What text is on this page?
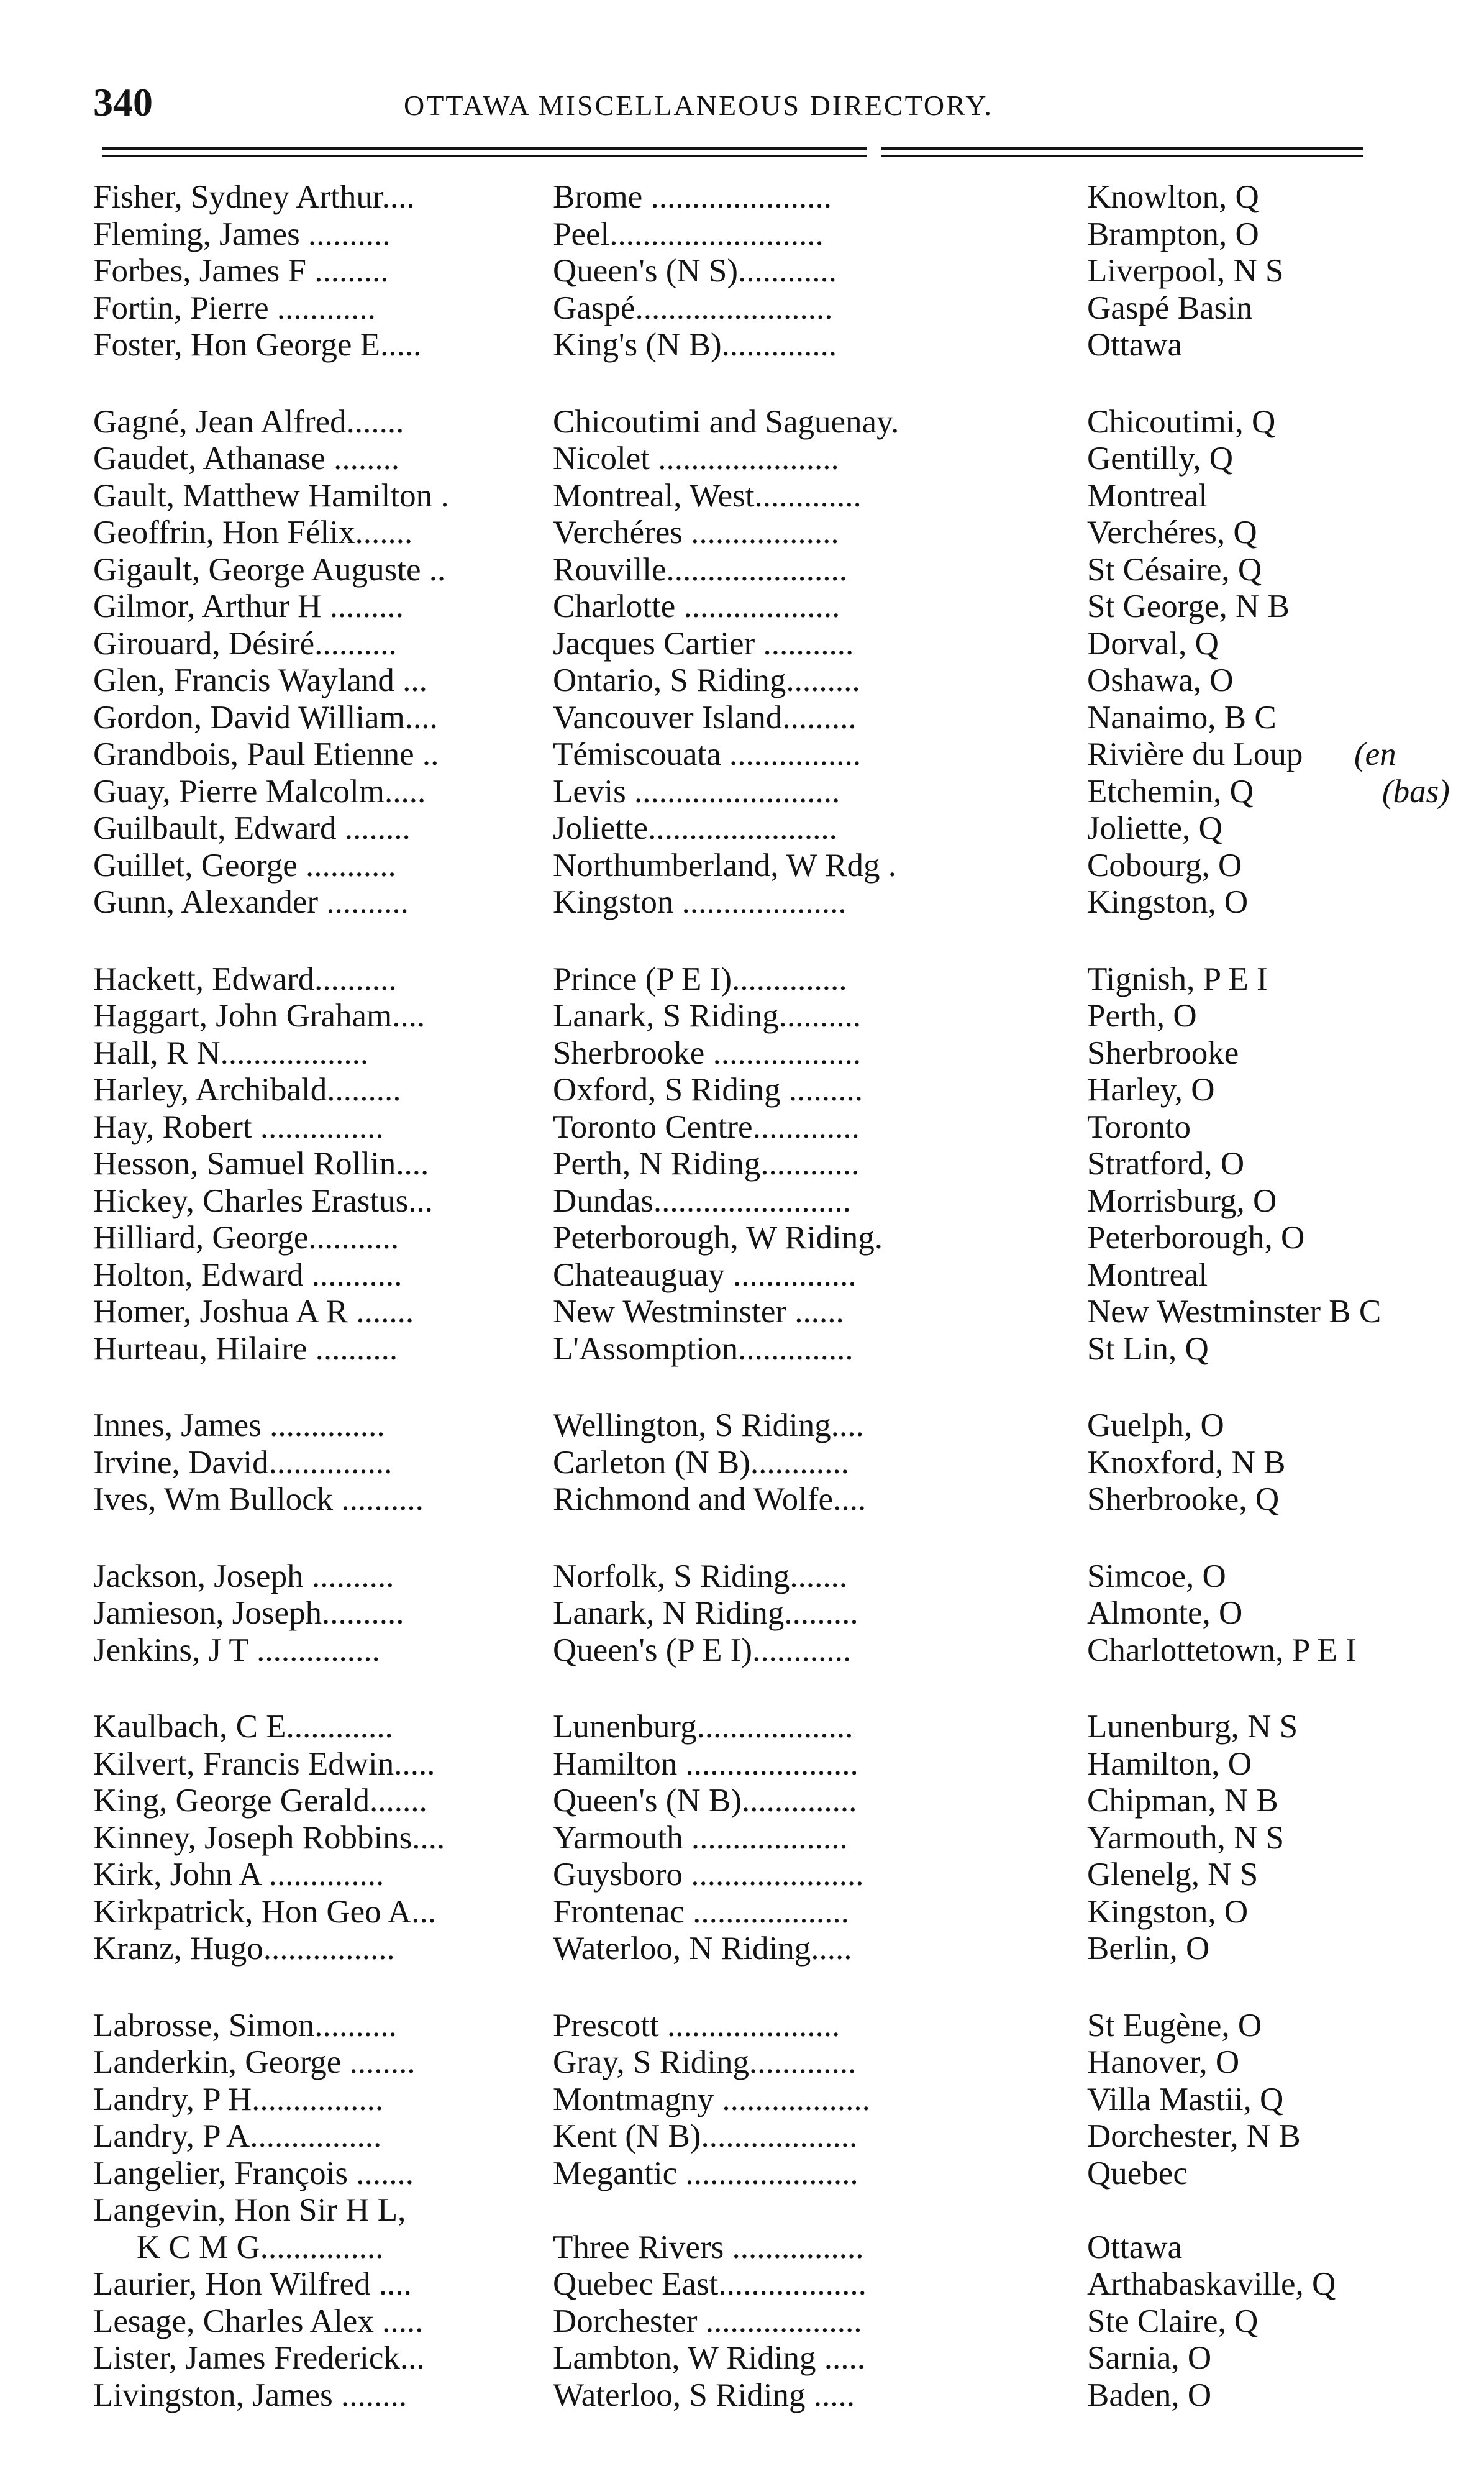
340	OTTAWA MISCELLANEOUS DIRECTORY.
Fisher, Sydney Arthur....	Brome ......................	Knowlton, Q
Fleming, James ..........	Peel..........................	Brampton, O
Forbes, James F .........	Queen's (N S)............	Liverpool, N S
Fortin, Pierre ............	Gaspé........................	Gaspé Basin
Foster, Hon George E.....	King's (N B)..............	Ottawa
Gagné, Jean Alfred.......	Chicoutimi and Saguenay.	Chicoutimi, Q
Gaudet, Athanase ........	Nicolet ......................	Gentilly, Q
Gault, Matthew Hamilton .	Montreal, West.............	Montreal
Geoffrin, Hon Félix.......	Verchéres ..................	Verchéres, Q
Gigault, George Auguste ..	Rouville......................	St Césaire, Q
Gilmor, Arthur H .........	Charlotte ...................	St George, N B
Girouard, Désiré..........	Jacques Cartier ...........	Dorval, Q
Glen, Francis Wayland ...	Ontario, S Riding.........	Oshawa, O
Gordon, David William....	Vancouver Island.........	Nanaimo, B C
Grandbois, Paul Etienne ..	Témiscouata ................	Rivière du Loup	(en
Guay, Pierre Malcolm.....	Levis .........................	Etchemin, Q	(bas)
Guilbault, Edward ........	Joliette.......................	Joliette, Q
Guillet, George ...........	Northumberland, W Rdg .	Cobourg, O
Gunn, Alexander ..........	Kingston ....................	Kingston, O
Hackett, Edward..........	Prince (P E I)..............	Tignish, P E I
Haggart, John Graham....	Lanark, S Riding..........	Perth, O
Hall, R N..................	Sherbrooke ..................	Sherbrooke
Harley, Archibald.........	Oxford, S Riding .........	Harley, O
Hay, Robert ...............	Toronto Centre.............	Toronto
Hesson, Samuel Rollin....	Perth, N Riding............	Stratford, O
Hickey, Charles Erastus...	Dundas........................	Morrisburg, O
Hilliard, George...........	Peterborough, W Riding.	Peterborough, O
Holton, Edward ...........	Chateauguay ...............	Montreal
Homer, Joshua A R .......	New Westminster ......	New Westminster B C
Hurteau, Hilaire ..........	L'Assomption..............	St Lin, Q
Innes, James ..............	Wellington, S Riding....	Guelph, O
Irvine, David...............	Carleton (N B)............	Knoxford, N B
Ives, Wm Bullock ..........	Richmond and Wolfe....	Sherbrooke, Q
Jackson, Joseph ..........	Norfolk, S Riding.......	Simcoe, O
Jamieson, Joseph..........	Lanark, N Riding.........	Almonte, O
Jenkins, J T ...............	Queen's (P E I)............	Charlottetown, P E I
Kaulbach, C E.............	Lunenburg...................	Lunenburg, N S
Kilvert, Francis Edwin.....	Hamilton .....................	Hamilton, O
King, George Gerald.......	Queen's (N B)..............	Chipman, N B
Kinney, Joseph Robbins....	Yarmouth ...................	Yarmouth, N S
Kirk, John A ..............	Guysboro .....................	Glenelg, N S
Kirkpatrick, Hon Geo A...	Frontenac ...................	Kingston, O
Kranz, Hugo................	Waterloo, N Riding.....	Berlin, O
Labrosse, Simon..........	Prescott .....................	St Eugène, O
Landerkin, George ........	Gray, S Riding.............	Hanover, O
Landry, P H................	Montmagny ..................	Villa Mastii, Q
Landry, P A................	Kent (N B)...................	Dorchester, N B
Langelier, François .......	Megantic .....................	Quebec
Langevin, Hon Sir H L,
K C M G...............	Three Rivers ................	Ottawa
Laurier, Hon Wilfred ....	Quebec East..................	Arthabaskaville, Q
Lesage, Charles Alex .....	Dorchester ...................	Ste Claire, Q
Lister, James Frederick...	Lambton, W Riding .....	Sarnia, O
Livingston, James ........	Waterloo, S Riding .....	Baden, O
